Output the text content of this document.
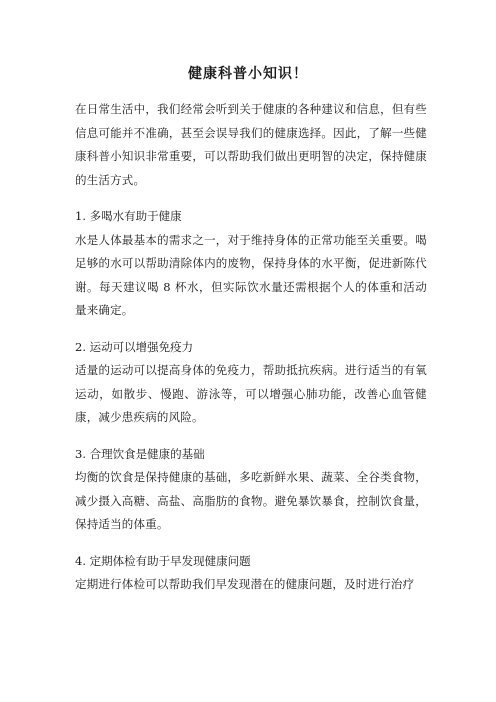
健康科普小知识！

在日常生活中，我们经常会听到关于健康的各种建议和信息，但有些信息可能并不准确，甚至会误导我们的健康选择。因此，了解一些健康科普小知识非常重要，可以帮助我们做出更明智的决定，保持健康的生活方式。

1. 多喝水有助于健康

水是人体最基本的需求之一，对于维持身体的正常功能至关重要。喝足够的水可以帮助清除体内的废物，保持身体的水平衡，促进新陈代谢。每天建议喝 8 杯水，但实际饮水量还需根据个人的体重和活动量来确定。

2. 运动可以增强免疫力

适量的运动可以提高身体的免疫力，帮助抵抗疾病。进行适当的有氧运动，如散步、慢跑、游泳等，可以增强心肺功能，改善心血管健康，减少患疾病的风险。

3. 合理饮食是健康的基础

均衡的饮食是保持健康的基础，多吃新鲜水果、蔬菜、全谷类食物，减少摄入高糖、高盐、高脂肪的食物。避免暴饮暴食，控制饮食量，保持适当的体重。

4. 定期体检有助于早发现健康问题

定期进行体检可以帮助我们早发现潜在的健康问题，及时进行治疗
